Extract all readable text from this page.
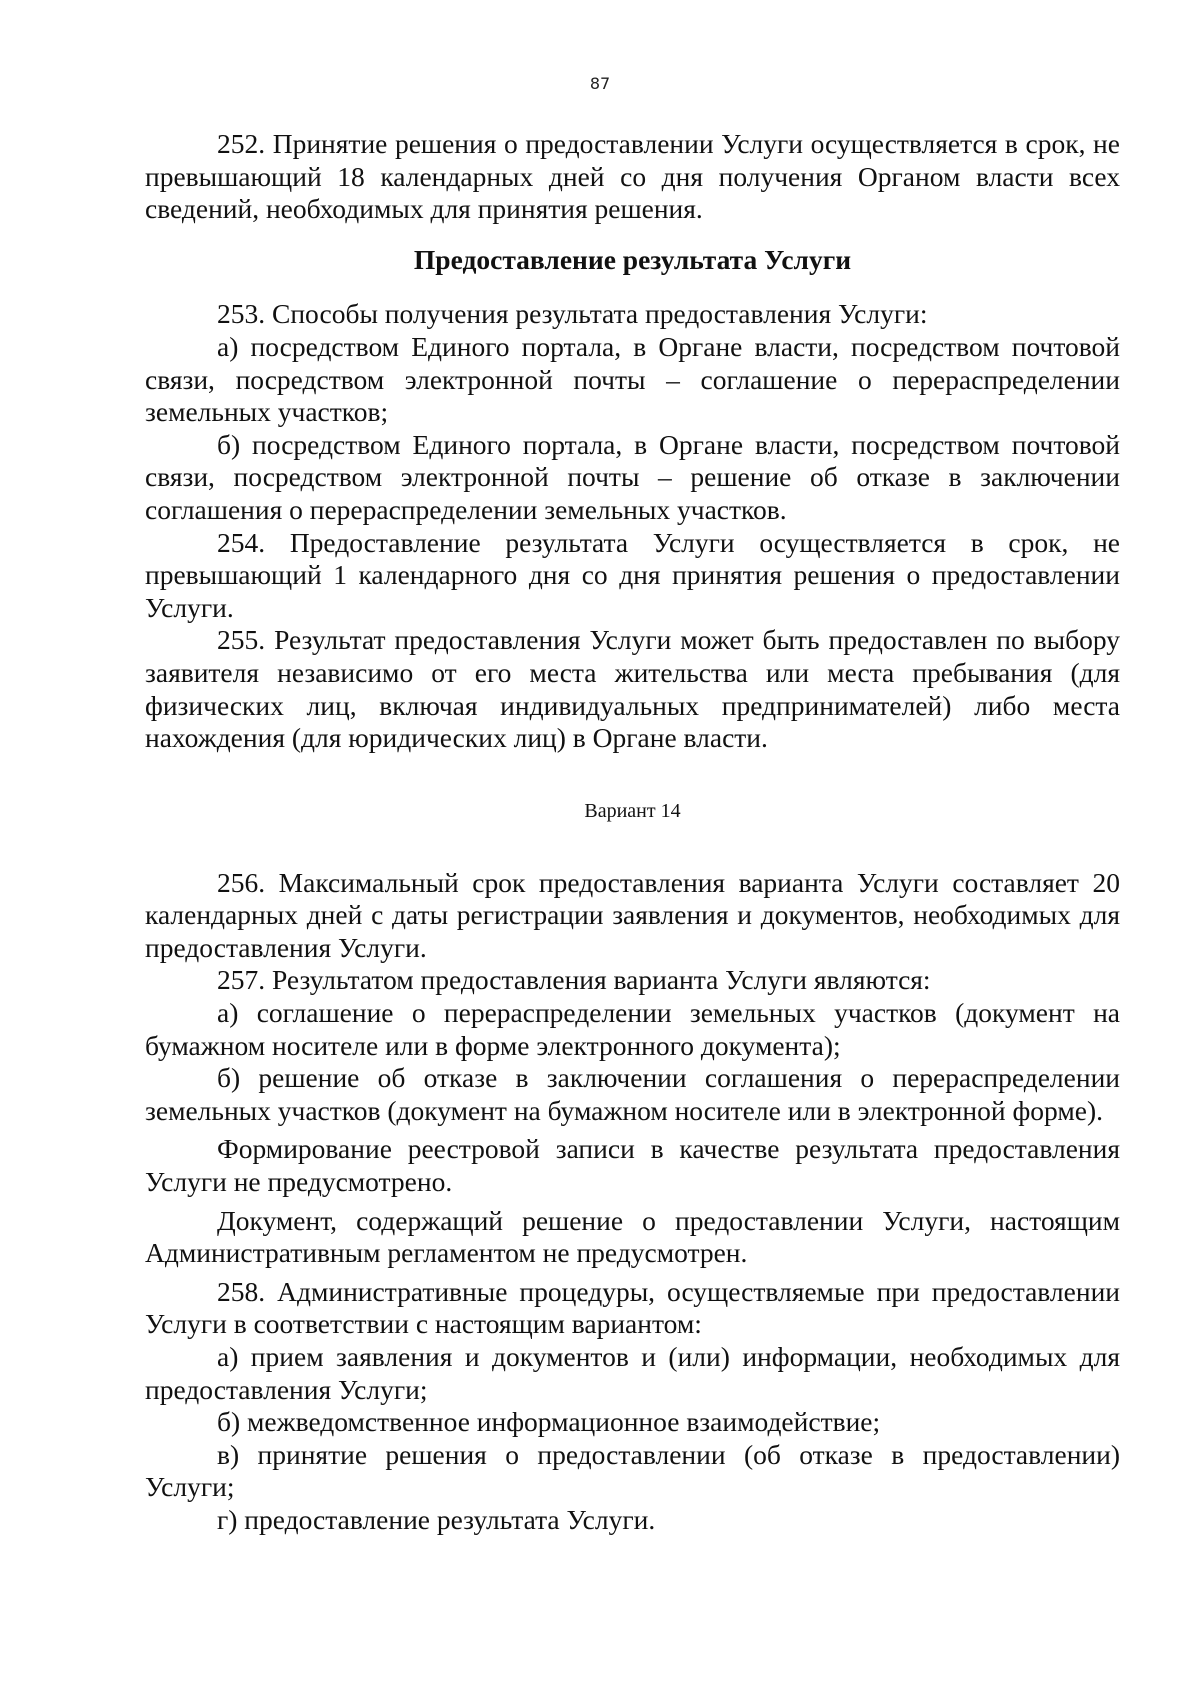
87

252. Принятие решения о предоставлении Услуги осуществляется в срок, не превышающий 18 календарных дней со дня получения Органом власти всех сведений, необходимых для принятия решения.

Предоставление результата Услуги

253. Способы получения результата предоставления Услуги:

а) посредством Единого портала, в Органе власти, посредством почтовой связи, посредством электронной почты – соглашение о перераспределении земельных участков;

б) посредством Единого портала, в Органе власти, посредством почтовой связи, посредством электронной почты – решение об отказе в заключении соглашения о перераспределении земельных участков.

254. Предоставление результата Услуги осуществляется в срок, не превышающий 1 календарного дня со дня принятия решения о предоставлении Услуги.

255. Результат предоставления Услуги может быть предоставлен по выбору заявителя независимо от его места жительства или места пребывания (для физических лиц, включая индивидуальных предпринимателей) либо места нахождения (для юридических лиц) в Органе власти.

Вариант 14

256. Максимальный срок предоставления варианта Услуги составляет 20 календарных дней с даты регистрации заявления и документов, необходимых для предоставления Услуги.

257. Результатом предоставления варианта Услуги являются:

а) соглашение о перераспределении земельных участков (документ на бумажном носителе или в форме электронного документа);

б) решение об отказе в заключении соглашения о перераспределении земельных участков (документ на бумажном носителе или в электронной форме).

Формирование реестровой записи в качестве результата предоставления Услуги не предусмотрено.

Документ, содержащий решение о предоставлении Услуги, настоящим Административным регламентом не предусмотрен.

258. Административные процедуры, осуществляемые при предоставлении Услуги в соответствии с настоящим вариантом:

а) прием заявления и документов и (или) информации, необходимых для предоставления Услуги;

б) межведомственное информационное взаимодействие;

в) принятие решения о предоставлении (об отказе в предоставлении) Услуги;

г) предоставление результата Услуги.
